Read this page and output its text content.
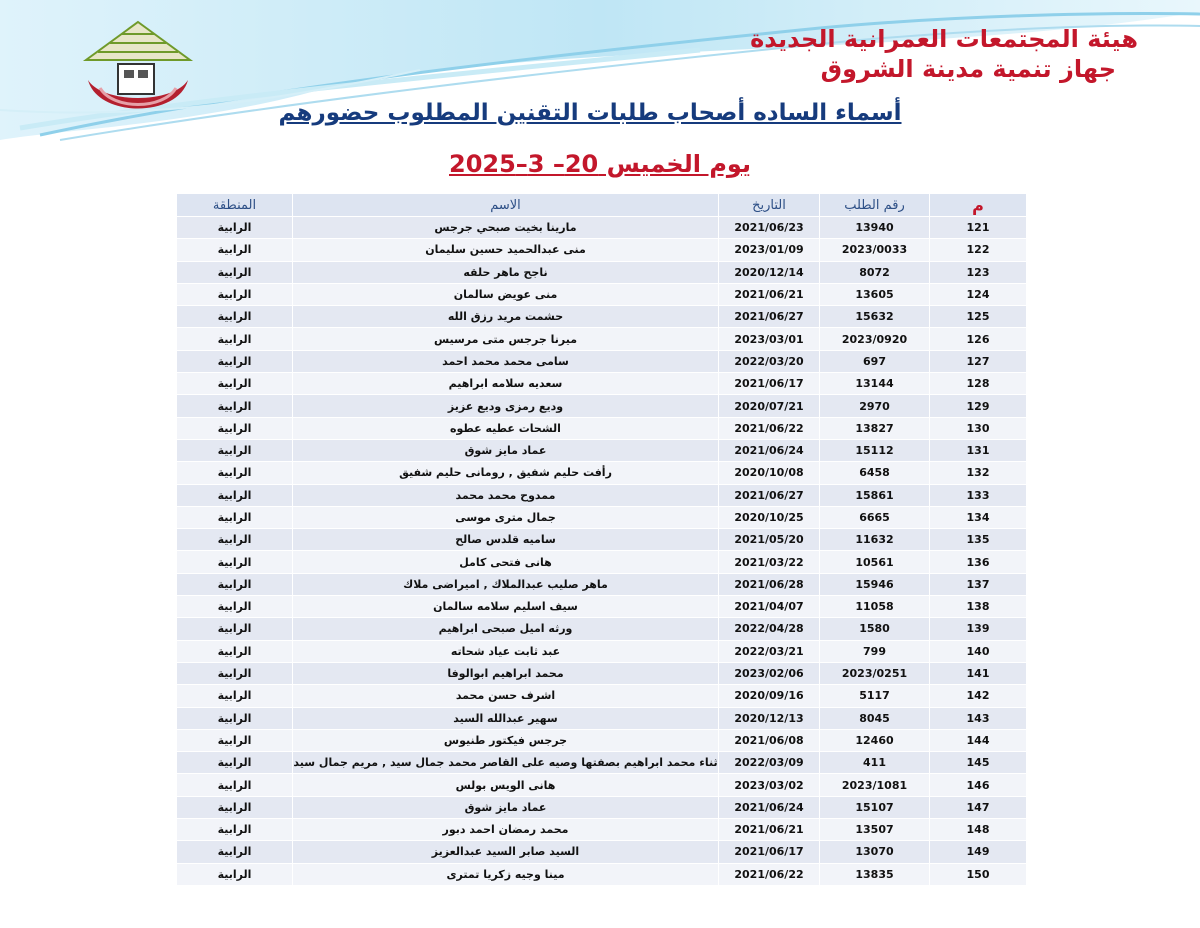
هيئة المجتمعات العمرانية الجديدة
جهاز تنمية مدينة الشروق
أسماء الساده أصحاب طلبات التقنين المطلوب حضورهم
يوم الخميس 20– 3–2025
م	رقم الطلب	التاريخ	الاسم	المنطقة
121	13940	2021/06/23	مارينا بخيت صبحي جرجس	الرابية
122	2023/0033	2023/01/09	منى عبدالحميد حسين سليمان	الرابية
123	8072	2020/12/14	ناجح ماهر حلقه	الرابية
124	13605	2021/06/21	منى عويض سالمان	الرابية
125	15632	2021/06/27	حشمت مريد رزق الله	الرابية
126	2023/0920	2023/03/01	ميرنا جرجس متى مرسيس	الرابية
127	697	2022/03/20	سامى محمد محمد احمد	الرابية
128	13144	2021/06/17	سعديه سلامه ابراهيم	الرابية
129	2970	2020/07/21	وديع رمزى وديع عزيز	الرابية
130	13827	2021/06/22	الشحات عطيه عطوه	الرابية
131	15112	2021/06/24	عماد مايز شوق	الرابية
132	6458	2020/10/08	رأفت حليم شفيق , رومانى حليم شفيق	الرابية
133	15861	2021/06/27	ممدوح محمد محمد	الرابية
134	6665	2020/10/25	جمال مترى موسى	الرابية
135	11632	2021/05/20	ساميه قلدس صالح	الرابية
136	10561	2021/03/22	هانى فتحى كامل	الرابية
137	15946	2021/06/28	ماهر صليب عبدالملاك , اميراضى ملاك	الرابية
138	11058	2021/04/07	سيف اسليم سلامه سالمان	الرابية
139	1580	2022/04/28	ورثه اميل صبحى ابراهيم	الرابية
140	799	2022/03/21	عبد ثابت عياد شحاته	الرابية
141	2023/0251	2023/02/06	محمد ابراهيم ابوالوفا	الرابية
142	5117	2020/09/16	اشرف حسن محمد	الرابية
143	8045	2020/12/13	سهير عبدالله السيد	الرابية
144	12460	2021/06/08	جرجس فيكتور طنيوس	الرابية
145	411	2022/03/09	ثناء محمد ابراهيم بصفتها وصيه على القاصر محمد جمال سيد , مريم جمال سيد	الرابية
146	2023/1081	2023/03/02	هانى الويس بولس	الرابية
147	15107	2021/06/24	عماد مايز شوق	الرابية
148	13507	2021/06/21	محمد رمضان احمد دبور	الرابية
149	13070	2021/06/17	السيد صابر السيد عبدالعزيز	الرابية
150	13835	2021/06/22	مينا وجيه زكريا تمترى	الرابية
